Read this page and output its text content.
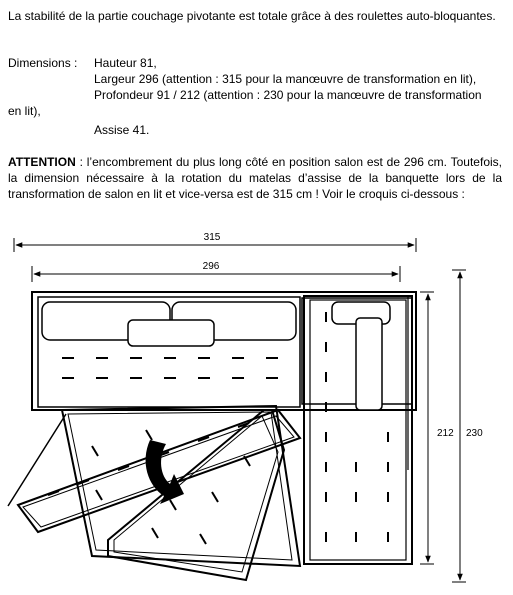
La stabilité de la partie couchage pivotante est totale grâce à des roulettes auto-bloquantes.
Dimensions :	Hauteur 81,
Largeur 296 (attention : 315 pour la manœuvre de transformation en lit),
Profondeur 91 / 212 (attention : 230 pour la manœuvre de transformation
en lit),
Assise 41.
ATTENTION : l’encombrement du plus long côté en position salon est de 296 cm. Toutefois, la dimension nécessaire à la rotation du matelas d’assise de la banquette lors de la transformation de salon en lit et vice-versa est de 315 cm ! Voir le croquis ci-dessous :
315
296
212 230
